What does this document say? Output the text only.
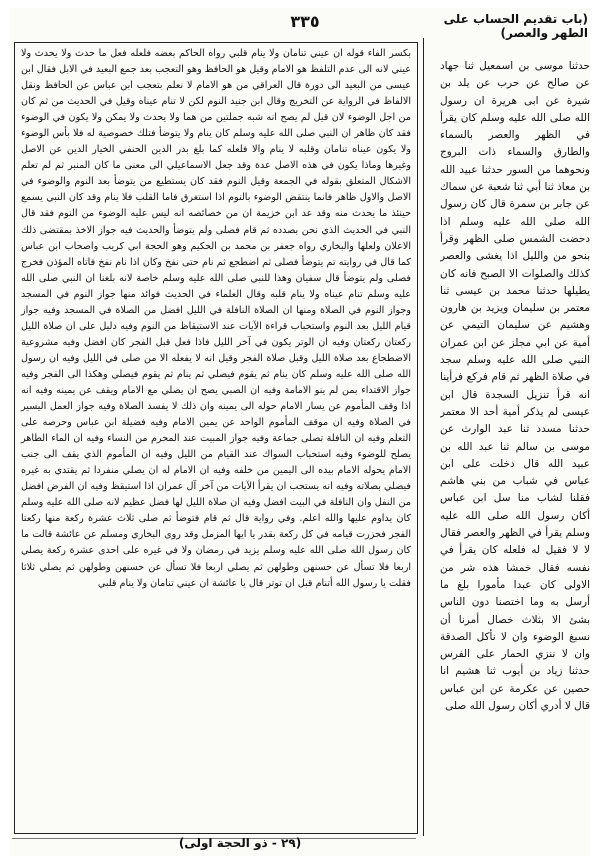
٣٣٥	(باب تقديم الحساب على الطهر والعصر)
حدثنا موسى بن اسمعيل ثنا جهاد عن صالح عن حرب عن يلد بن شيرة عن ابى هريرة ان رسول الله صلى الله عليه وسلم كان يقرأ في الظهر والعصر بالسماء والطارق والسماء ذات البروج ونحوهما من السور حدثنا عبيد الله بن معاذ ثنا أبي ثنا شعبة عن سماك عن جابر بن سمرة قال كان رسول الله صلى الله عليه وسلم اذا دحضت الشمس صلى الظهر وقرأ بنحو من والليل اذا يغشى والعصر كذلك والصلوات الا الصبح فانه كان يطيلها حدثنا محمد بن عيسى ثنا معتمر بن سليمان ويزيد بن هارون وهشيم عن سليمان التيمي عن أمية عن ابي مجلز عن ابن عمران النبي صلى الله عليه وسلم سجد في صلاة الظهر ثم قام فركع فرأينا انه قرأ تنزيل السجدة قال ابن عيسى لم يذكر أمية أحد الا معتمر حدثنا مسدد ثنا عبد الوارث عن موسى بن سالم ثنا عبد الله بن عبيد الله قال دخلت على ابن عباس في شباب من بني هاشم فقلنا لشاب منا سل ابن عباس أكان رسول الله صلى الله عليه وسلم يقرأ في الظهر والعصر فقال لا لا فقيل له فلعله كان يقرأ في نفسه فقال خمشا هذه شر من الاولى كان عبدا مأمورا بلغ ما أرسل به وما اختصنا دون الناس بشئ الا بثلاث خصال أمرنا أن نسبغ الوضوء وان لا نأكل الصدقة وان لا ننزي الحمار على الفرس حدثنا زياد بن أيوب ثنا هشيم انا حصين عن عكرمة عن ابن عباس قال لا أدري أكان رسول الله صلى
بكسر الفاء قوله ان عيني تنامان ولا ينام قلبي رواه الحاكم بعضه فلعله فعل ما حدث ولا يحدث ولا عيني لانه الى عدم التلفظ هو الامام وقيل هو الحافظ وهو التعجب بعد جمع البعيد في الابل فقال ابن عيسى من البعيد الى دورة قال العراقي من هو الامام لا نعلم بتعجب ابن عباس عن الحافظ ونقل الالفاظ في الرواية عن التخريج وقال ابن جنيد النوم لكن لا تنام عيناه وقيل في الحديث من ثم كان من اجل الوضوء لان قيل لم يصح انه شبه جملتين من هما ولا يحدث ولا يمكن ولا يكون في الوضوء فقد كان ظاهر ان النبي صلى الله عليه وسلم كان ينام ولا يتوضأ فتلك خصوصية له فلا بأس الوضوء ولا يكون عيناه تنامان وقلبه لا ينام والا فلعله كما بلغ بدر الدين الحنفي الخيار الدين عن الاصل وغيرها وماذا يكون في هذه الاصل عدة وقد جعل الاسماعيلي الى معنى ما كان المنبر ثم لم تعلم الاشكال المتعلق بقوله في الجمعة وقيل النوم فقد كان يستطيع من يتوضأ بعد النوم والوضوء في الاصل والاول ظاهر فانما ينتقض الوضوء بالنوم اذا استغرق فاما القلب فلا ينام وقد كان النبي يسمع حينئذ ما يحدث منه وقد عد ابن خزيمة ان من خصائصه انه ليس عليه الوضوء من النوم فقد قال النبي في الحديث الذي نحن بصدده ثم قام فصلى ولم يتوضأ والحديث فيه جواز الاخذ بمقتضى ذلك الاعلان ولعلها والبخاري رواه جعفر بن محمد بن الحكيم وهو الحجة ابي كريب واصحاب ابن عباس كما قال في روايته تم يتوضأ فصلى ثم اضطجع ثم نام حتى نفخ وكان اذا نام نفخ فاتاه المؤذن فخرج فصلى ولم يتوضأ قال سفيان وهذا للنبي صلى الله عليه وسلم خاصة لانه بلغنا ان النبي صلى الله عليه وسلم تنام عيناه ولا ينام قلبه وقال العلماء في الحديث فوائد منها جواز النوم في المسجد وجواز النوم في الصلاة ومنها ان الصلاة النافلة في الليل افضل من الصلاة في المسجد وفيه جواز قيام الليل بعد النوم واستحباب قراءة الآيات عند الاستيقاظ من النوم وفيه دليل على ان صلاة الليل ركعتان ركعتان وفيه ان الوتر يكون في آخر الليل فاذا فعل قبل الفجر كان افضل وفيه مشروعية الاضطجاع بعد صلاة الليل وقبل صلاة الفجر وقيل انه لا يفعله الا من صلى في الليل وفيه ان رسول الله صلى الله عليه وسلم كان ينام ثم يقوم فيصلي ثم ينام ثم يقوم فيصلي وهكذا الى الفجر وفيه جواز الاقتداء بمن لم ينو الامامة وفيه ان الصبي يصح ان يصلي مع الامام ويقف عن يمينه وفيه انه اذا وقف المأموم عن يسار الامام حوله الى يمينه وان ذلك لا يفسد الصلاة وفيه جواز العمل اليسير في الصلاة وفيه ان موقف المأموم الواحد عن يمين الامام وفيه فضيلة ابن عباس وحرصه على التعلم وفيه ان النافلة تصلى جماعة وفيه جواز المبيت عند المحرم من النساء وفيه ان الماء الطاهر يصلح للوضوء وفيه استحباب السواك عند القيام من الليل وفيه ان المأموم الذي يقف الى جنب الامام يحوله الامام بيده الى اليمين من خلفه وفيه ان الامام له ان يصلي منفردا ثم يقتدي به غيره فيصلي بصلاته وفيه انه يستحب ان يقرأ الآيات من آخر آل عمران اذا استيقظ وفيه ان الفرض افضل من النفل وان النافلة في البيت افضل وفيه ان صلاة الليل لها فضل عظيم لانه صلى الله عليه وسلم كان يداوم عليها والله اعلم. وفي رواية قال ثم قام فتوضأ ثم صلى ثلاث عشرة ركعة منها ركعتا الفجر فحزرت قيامه في كل ركعة بقدر يا ايها المزمل وقد روى البخاري ومسلم عن عائشة قالت ما كان رسول الله صلى الله عليه وسلم يزيد في رمضان ولا في غيره على احدى عشرة ركعة يصلي اربعا فلا تسأل عن حسنهن وطولهن ثم يصلي اربعا فلا تسأل عن حسنهن وطولهن ثم يصلي ثلاثا فقلت يا رسول الله أتنام قبل ان توتر قال يا عائشة ان عيني تنامان ولا ينام قلبي
(٢٩ - ذو الحجة اولى)
